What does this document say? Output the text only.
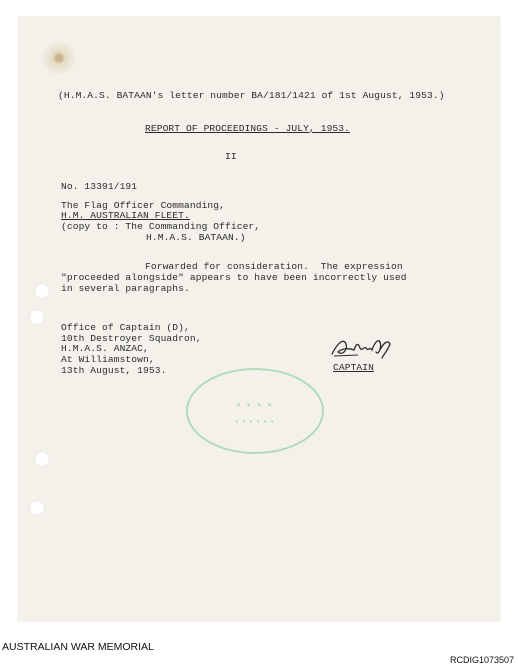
(H.M.A.S. BATAAN's letter number BA/181/1421 of 1st August, 1953.)
REPORT OF PROCEEDINGS - JULY, 1953.
II
No. 13391/191
The Flag Officer Commanding,
H.M. AUSTRALIAN FLEET.
(copy to : The Commanding Officer,
H.M.A.S. BATAAN.)
Forwarded for consideration.  The expression
"proceeded alongside" appears to have been incorrectly used
in several paragraphs.
Office of Captain (D),
10th Destroyer Squadron,
H.M.A.S. ANZAC,
At Williamstown,
13th August, 1953.	CAPTAIN
▪ ▪ ▪ ▪
▪ ▪ ▪ ▪ ▪ ▪
AUSTRALIAN WAR MEMORIAL
RCDIG1073507
